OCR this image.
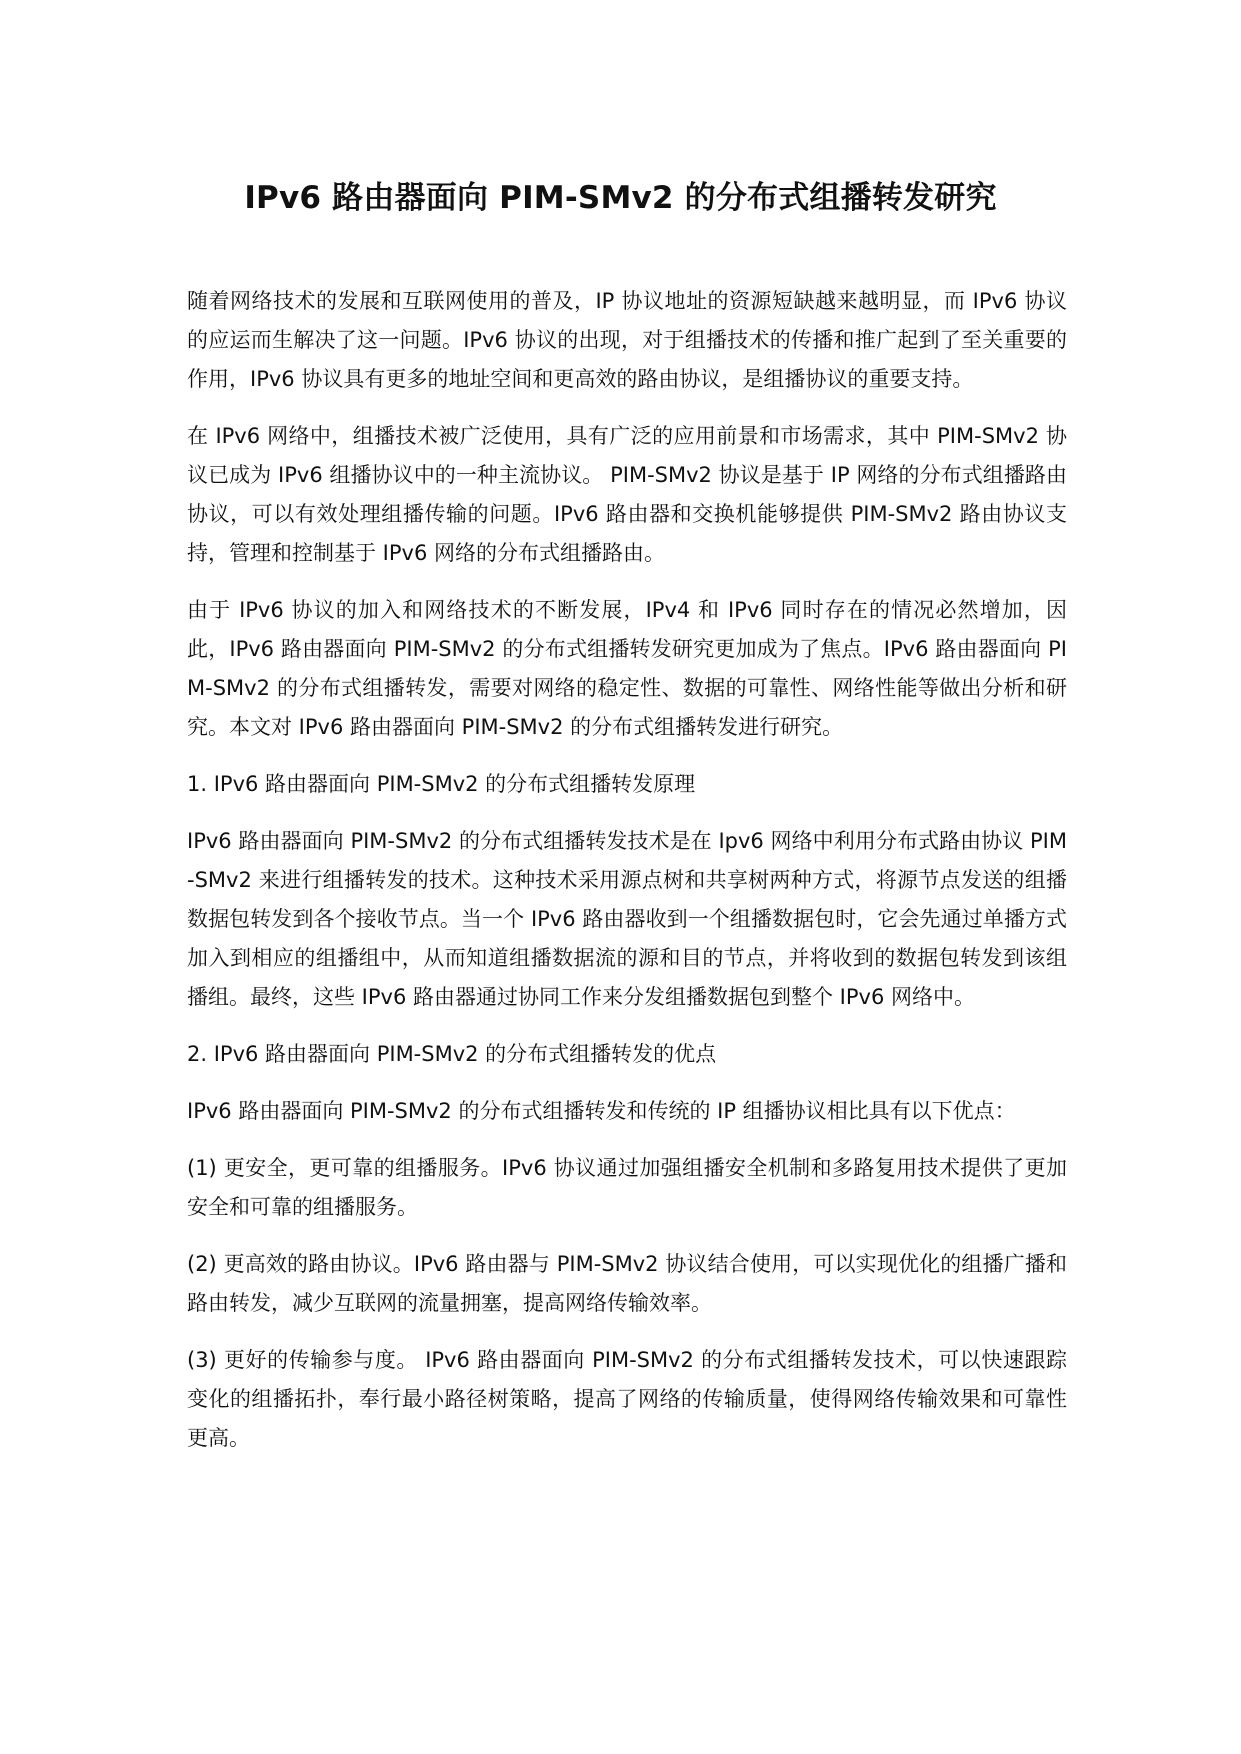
IPv6 路由器面向 PIM-SMv2 的分布式组播转发研究

随着网络技术的发展和互联网使用的普及，IP 协议地址的资源短缺越来越明显，而 IPv6 协议的应运而生解决了这一问题。IPv6 协议的出现，对于组播技术的传播和推广起到了至关重要的作用，IPv6 协议具有更多的地址空间和更高效的路由协议，是组播协议的重要支持。

在 IPv6 网络中，组播技术被广泛使用，具有广泛的应用前景和市场需求，其中 PIM-SMv2 协议已成为 IPv6 组播协议中的一种主流协议。 PIM-SMv2 协议是基于 IP 网络的分布式组播路由协议，可以有效处理组播传输的问题。IPv6 路由器和交换机能够提供 PIM-SMv2 路由协议支持，管理和控制基于 IPv6 网络的分布式组播路由。

由于 IPv6 协议的加入和网络技术的不断发展，IPv4 和 IPv6 同时存在的情况必然增加，因此，IPv6 路由器面向 PIM-SMv2 的分布式组播转发研究更加成为了焦点。IPv6 路由器面向 PIM-SMv2 的分布式组播转发，需要对网络的稳定性、数据的可靠性、网络性能等做出分析和研究。本文对 IPv6 路由器面向 PIM-SMv2 的分布式组播转发进行研究。

1. IPv6 路由器面向 PIM-SMv2 的分布式组播转发原理

IPv6 路由器面向 PIM-SMv2 的分布式组播转发技术是在 Ipv6 网络中利用分布式路由协议 PIM-SMv2 来进行组播转发的技术。这种技术采用源点树和共享树两种方式，将源节点发送的组播数据包转发到各个接收节点。当一个 IPv6 路由器收到一个组播数据包时，它会先通过单播方式加入到相应的组播组中，从而知道组播数据流的源和目的节点，并将收到的数据包转发到该组播组。最终，这些 IPv6 路由器通过协同工作来分发组播数据包到整个 IPv6 网络中。

2. IPv6 路由器面向 PIM-SMv2 的分布式组播转发的优点

IPv6 路由器面向 PIM-SMv2 的分布式组播转发和传统的 IP 组播协议相比具有以下优点：

(1) 更安全，更可靠的组播服务。IPv6 协议通过加强组播安全机制和多路复用技术提供了更加安全和可靠的组播服务。

(2) 更高效的路由协议。IPv6 路由器与 PIM-SMv2 协议结合使用，可以实现优化的组播广播和路由转发，减少互联网的流量拥塞，提高网络传输效率。

(3) 更好的传输参与度。 IPv6 路由器面向 PIM-SMv2 的分布式组播转发技术，可以快速跟踪变化的组播拓扑，奉行最小路径树策略，提高了网络的传输质量，使得网络传输效果和可靠性更高。
